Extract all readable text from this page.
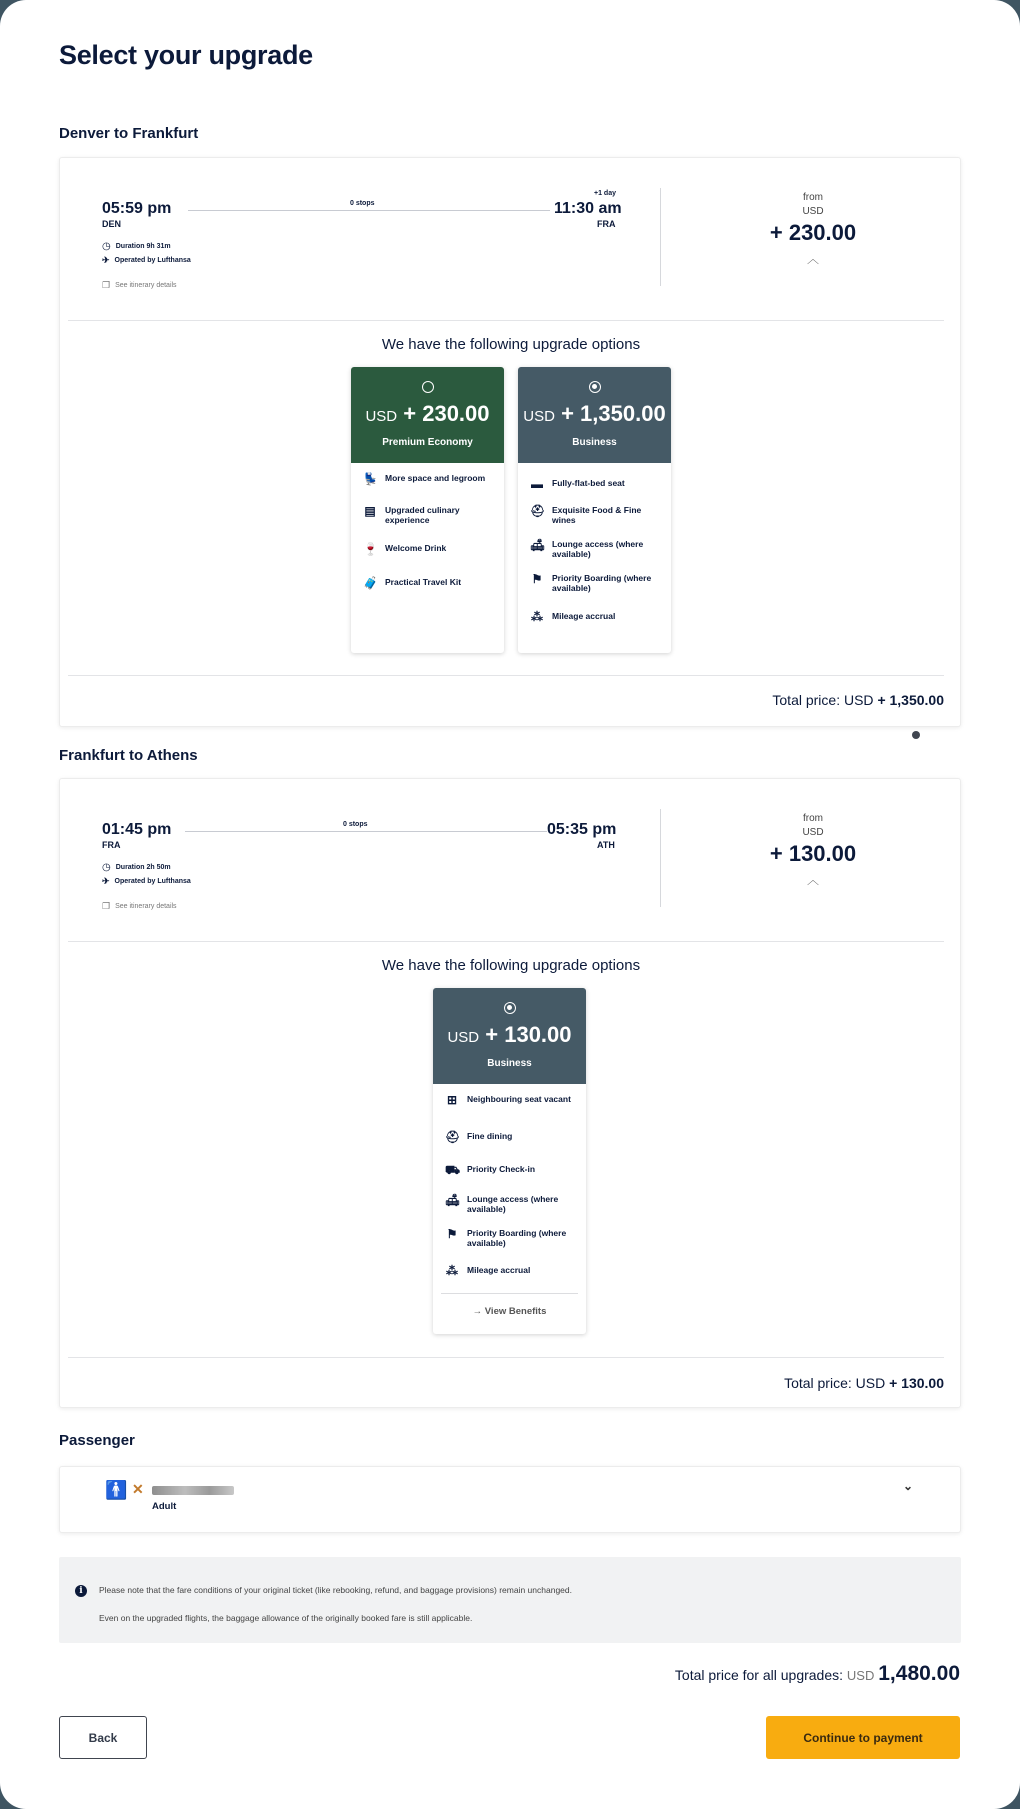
Select your upgrade
Denver to Frankfurt
05:59 pm
DEN
0 stops
+1 day
11:30 am
FRA
◷ Duration 9h 31m
✈ Operated by Lufthansa
❐ See itinerary details
from
USD
+ 230.00
︿
We have the following upgrade options
USD + 230.00
Premium Economy
💺 More space and legroom
▤ Upgraded culinary experience
🍷 Welcome Drink
🧳 Practical Travel Kit
USD + 1,350.00
Business
▬ Fully-flat-bed seat
⛑ Exquisite Food & Fine wines
🛋 Lounge access (where available)
⚑ Priority Boarding (where available)
⁂ Mileage accrual
Total price: USD + 1,350.00
Frankfurt to Athens
01:45 pm
FRA
0 stops	05:35 pm
ATH
◷ Duration 2h 50m
✈ Operated by Lufthansa
❐ See itinerary details
from
USD
+ 130.00
︿
We have the following upgrade options
USD + 130.00
Business
⊞ Neighbouring seat vacant
⛑ Fine dining
⛟ Priority Check-in
🛋 Lounge access (where available)
⚑ Priority Boarding (where available)
⁂ Mileage accrual
→ View Benefits
Total price: USD + 130.00
Passenger
🚹 ✕
Adult
⌄
i	Please note that the fare conditions of your original ticket (like rebooking, refund, and baggage provisions) remain unchanged.
Even on the upgraded flights, the baggage allowance of the originally booked fare is still applicable.
Total price for all upgrades: USD 1,480.00
Back	Continue to payment
